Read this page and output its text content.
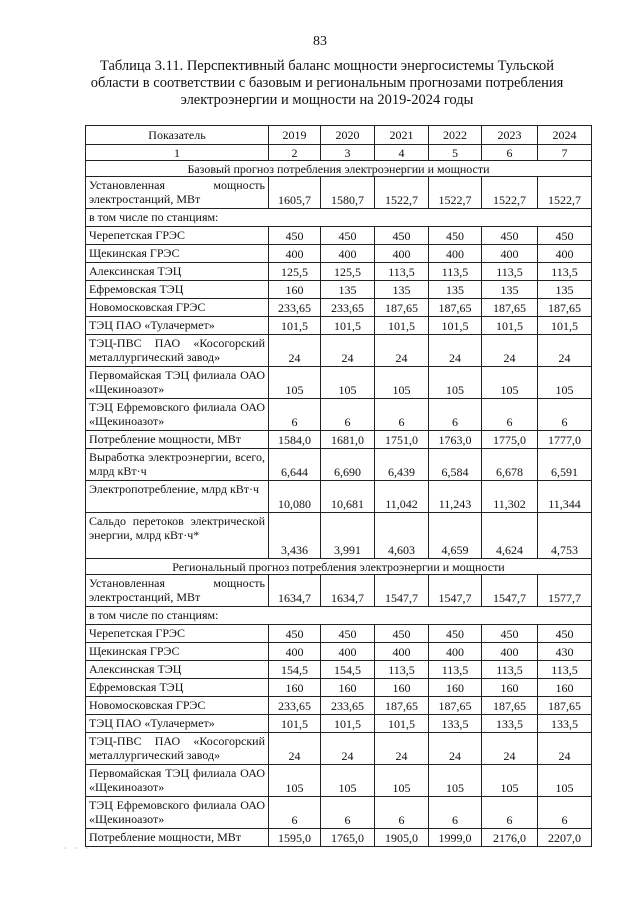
83
Таблица 3.11. Перспективный баланс мощности энергосистемы Тульской области в соответствии с базовым и региональным прогнозами потребления электроэнергии и мощности на 2019-2024 годы
Показатель	2019	2020	2021	2022	2023	2024
1	2	3	4	5	6	7
Базовый прогноз потребления электроэнергии и мощности						
Установленная мощность электростанций, МВт	1605,7	1580,7	1522,7	1522,7	1522,7	1522,7
в том числе по станциям:						
Черепетская ГРЭС	450	450	450	450	450	450
Щекинская ГРЭС	400	400	400	400	400	400
Алексинская ТЭЦ	125,5	125,5	113,5	113,5	113,5	113,5
Ефремовская ТЭЦ	160	135	135	135	135	135
Новомосковская ГРЭС	233,65	233,65	187,65	187,65	187,65	187,65
ТЭЦ ПАО «Тулачермет»	101,5	101,5	101,5	101,5	101,5	101,5
ТЭЦ-ПВС ПАО «Косогорский металлургический завод»	24	24	24	24	24	24
Первомайская ТЭЦ филиала ОАО «Щекиноазот»	105	105	105	105	105	105
ТЭЦ Ефремовского филиала ОАО «Щекиноазот»	6	6	6	6	6	6
Потребление мощности, МВт	1584,0	1681,0	1751,0	1763,0	1775,0	1777,0
Выработка электроэнергии, всего, млрд кВт·ч	6,644	6,690	6,439	6,584	6,678	6,591
Электропотребление, млрд кВт·ч	10,080	10,681	11,042	11,243	11,302	11,344
Сальдо перетоков электрической энергии, млрд кВт·ч*	3,436	3,991	4,603	4,659	4,624	4,753
Региональный прогноз потребления электроэнергии и мощности						
Установленная мощность электростанций, МВт	1634,7	1634,7	1547,7	1547,7	1547,7	1577,7
в том числе по станциям:						
Черепетская ГРЭС	450	450	450	450	450	450
Щекинская ГРЭС	400	400	400	400	400	430
Алексинская ТЭЦ	154,5	154,5	113,5	113,5	113,5	113,5
Ефремовская ТЭЦ	160	160	160	160	160	160
Новомосковская ГРЭС	233,65	233,65	187,65	187,65	187,65	187,65
ТЭЦ ПАО «Тулачермет»	101,5	101,5	101,5	133,5	133,5	133,5
ТЭЦ-ПВС ПАО «Косогорский металлургический завод»	24	24	24	24	24	24
Первомайская ТЭЦ филиала ОАО «Щекиноазот»	105	105	105	105	105	105
ТЭЦ Ефремовского филиала ОАО «Щекиноазот»	6	6	6	6	6	6
Потребление мощности, МВт	1595,0	1765,0	1905,0	1999,0	2176,0	2207,0
· · ·
